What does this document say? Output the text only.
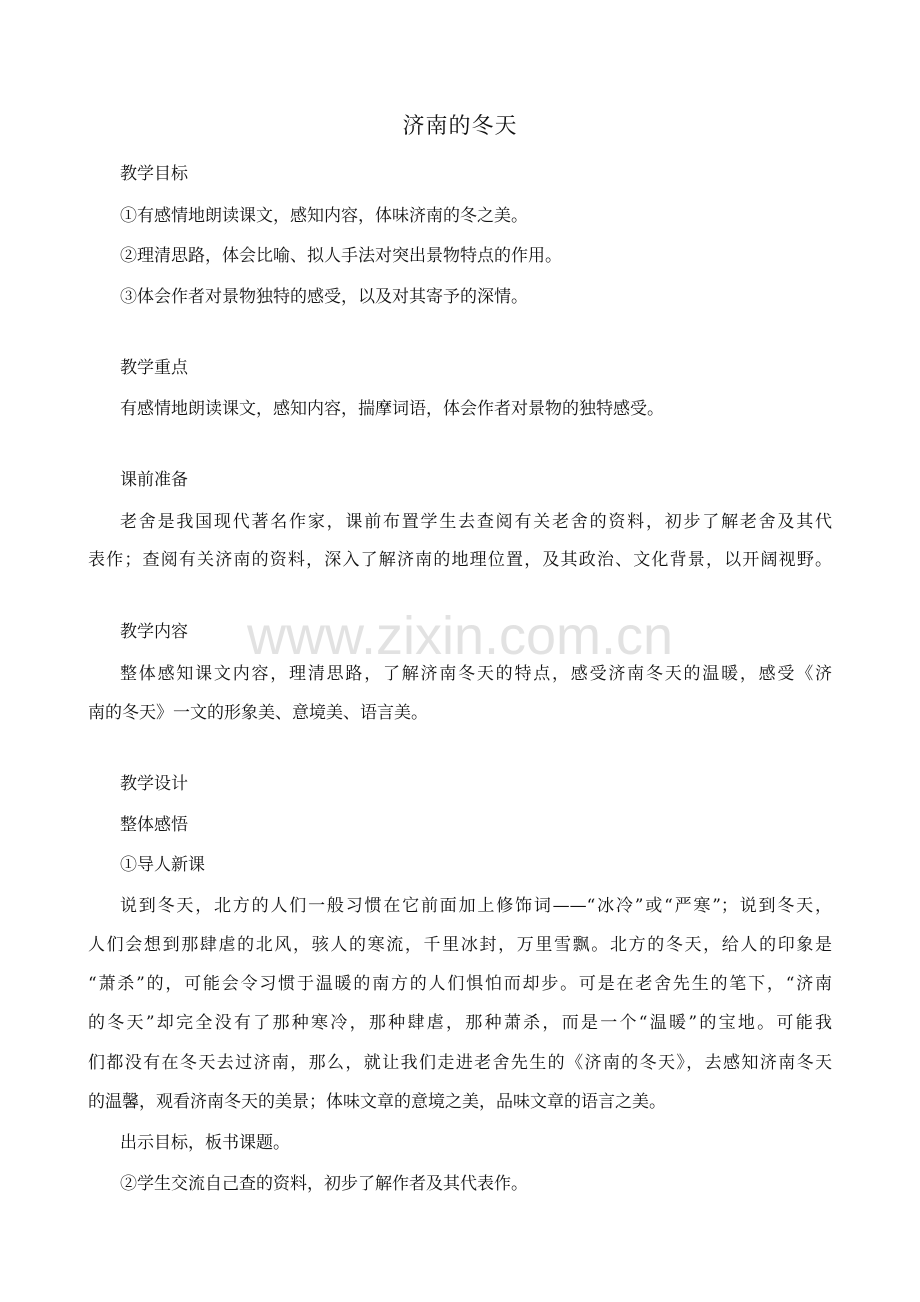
济南的冬天
教学目标
①有感情地朗读课文，感知内容，体味济南的冬之美。
②理清思路，体会比喻、拟人手法对突出景物特点的作用。
③体会作者对景物独特的感受，以及对其寄予的深情。
教学重点
有感情地朗读课文，感知内容，揣摩词语，体会作者对景物的独特感受。
课前准备
老舍是我国现代著名作家，课前布置学生去查阅有关老舍的资料，初步了解老舍及其代
表作；查阅有关济南的资料，深入了解济南的地理位置，及其政治、文化背景，以开阔视野。
www.zixin.com.cn
教学内容
整体感知课文内容，理清思路，了解济南冬天的特点，感受济南冬天的温暖，感受《济
南的冬天》一文的形象美、意境美、语言美。
教学设计
整体感悟
①导人新课
说到冬天，北方的人们一般习惯在它前面加上修饰词——“冰冷”或“严寒”；说到冬天，
人们会想到那肆虐的北风，骇人的寒流，千里冰封，万里雪飘。北方的冬天，给人的印象是
“萧杀”的，可能会令习惯于温暖的南方的人们惧怕而却步。可是在老舍先生的笔下，“济南
的冬天”却完全没有了那种寒冷，那种肆虐，那种萧杀，而是一个“温暖”的宝地。可能我
们都没有在冬天去过济南，那么，就让我们走进老舍先生的《济南的冬天》，去感知济南冬天
的温馨，观看济南冬天的美景；体味文章的意境之美，品味文章的语言之美。
出示目标，板书课题。
②学生交流自己查的资料，初步了解作者及其代表作。
